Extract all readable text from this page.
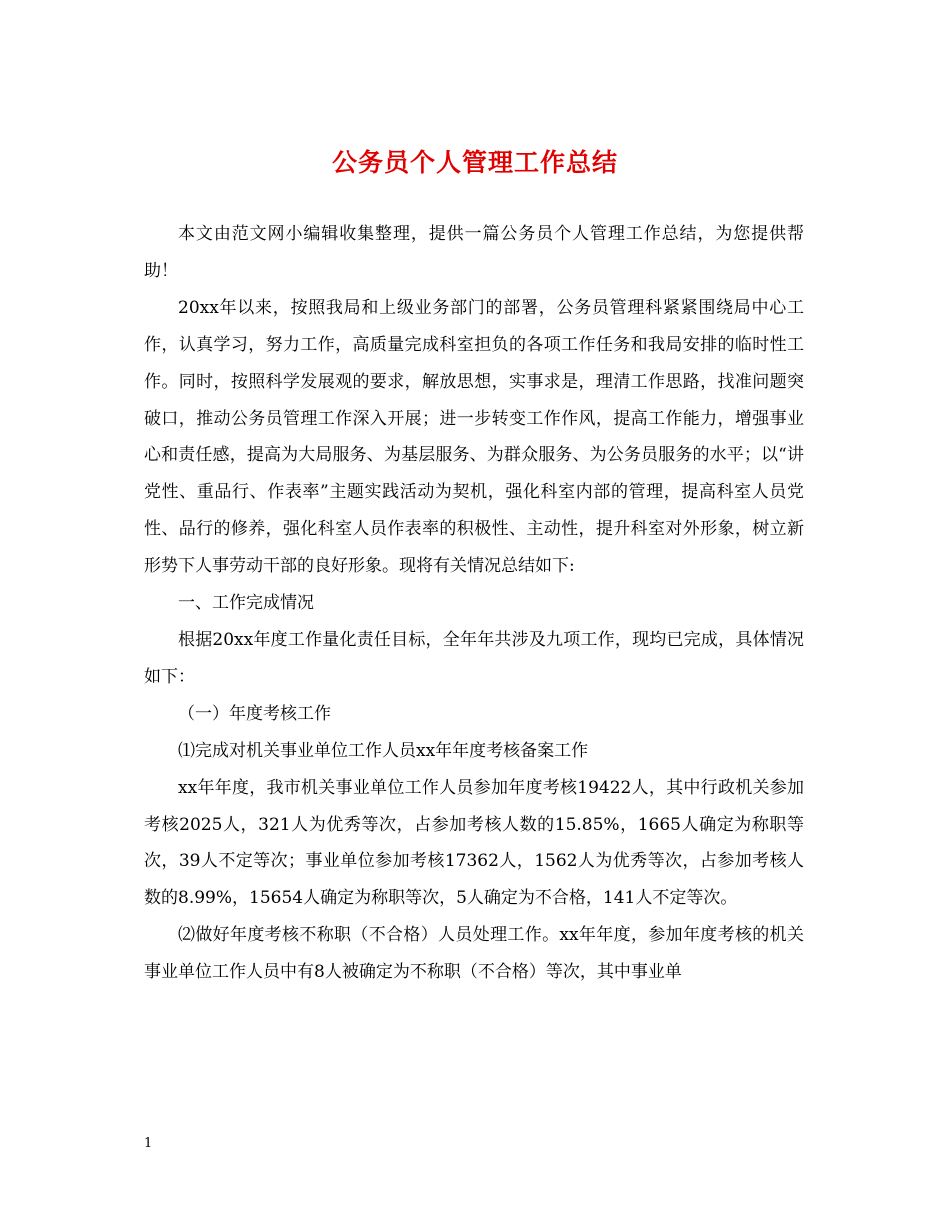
公务员个人管理工作总结

本文由范文网小编辑收集整理，提供一篇公务员个人管理工作总结，为您提供帮助！

20xx年以来，按照我局和上级业务部门的部署，公务员管理科紧紧围绕局中心工作，认真学习，努力工作，高质量完成科室担负的各项工作任务和我局安排的临时性工作。同时，按照科学发展观的要求，解放思想，实事求是，理清工作思路，找准问题突破口，推动公务员管理工作深入开展；进一步转变工作作风，提高工作能力，增强事业心和责任感，提高为大局服务、为基层服务、为群众服务、为公务员服务的水平；以“讲党性、重品行、作表率”主题实践活动为契机，强化科室内部的管理，提高科室人员党性、品行的修养，强化科室人员作表率的积极性、主动性，提升科室对外形象，树立新形势下人事劳动干部的良好形象。现将有关情况总结如下:

一、工作完成情况

根据20xx年度工作量化责任目标，全年年共涉及九项工作，现均已完成，具体情况如下：

（一）年度考核工作

⑴完成对机关事业单位工作人员xx年年度考核备案工作

xx年年度，我市机关事业单位工作人员参加年度考核19422人，其中行政机关参加考核2025人，321人为优秀等次，占参加考核人数的15.85%，1665人确定为称职等次，39人不定等次；事业单位参加考核17362人，1562人为优秀等次，占参加考核人数的8.99%，15654人确定为称职等次，5人确定为不合格，141人不定等次。

⑵做好年度考核不称职（不合格）人员处理工作。xx年年度，参加年度考核的机关事业单位工作人员中有8人被确定为不称职（不合格）等次，其中事业单

1
